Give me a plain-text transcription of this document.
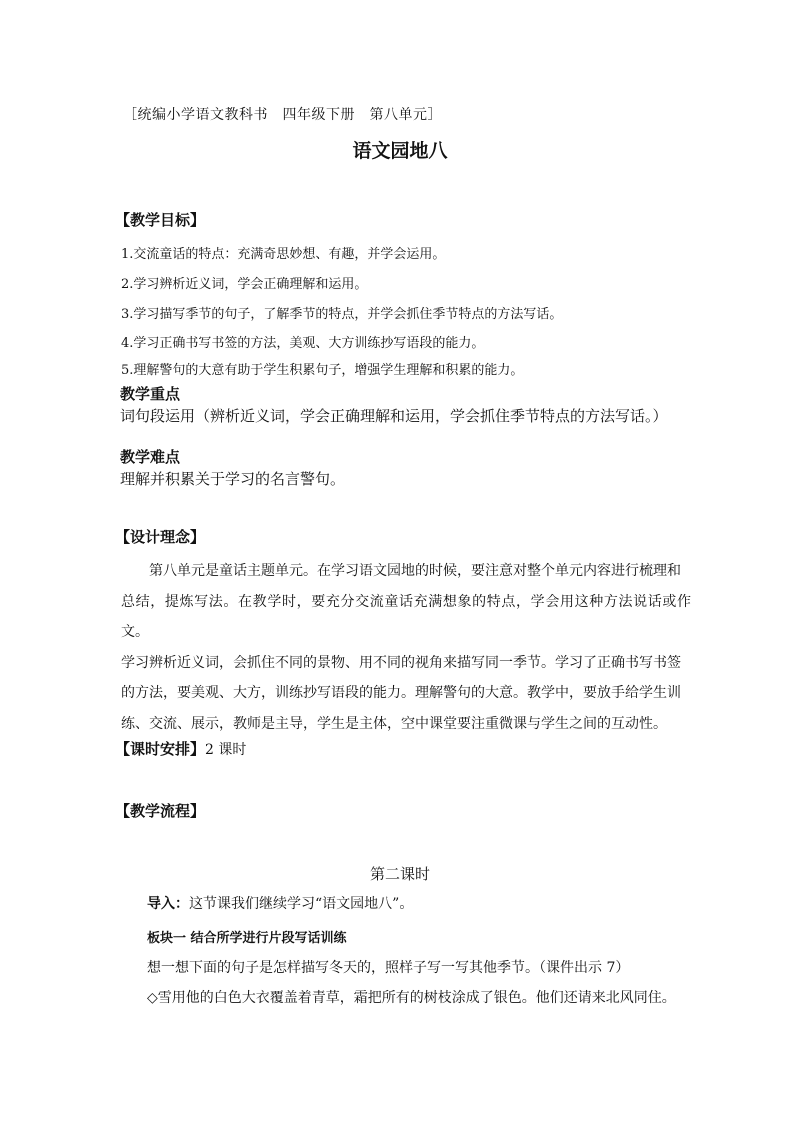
［统编小学语文教科书　四年级下册　第八单元］
语文园地八
【教学目标】
1.交流童话的特点：充满奇思妙想、有趣，并学会运用。
2.学习辨析近义词，学会正确理解和运用。
3.学习描写季节的句子，了解季节的特点，并学会抓住季节特点的方法写话。
4.学习正确书写书签的方法，美观、大方训练抄写语段的能力。
5.理解警句的大意有助于学生积累句子，增强学生理解和积累的能力。
教学重点
词句段运用（辨析近义词，学会正确理解和运用，学会抓住季节特点的方法写话。）
教学难点
理解并积累关于学习的名言警句。
【设计理念】

第八单元是童话主题单元。在学习语文园地的时候，要注意对整个单元内容进行梳理和

总结，提炼写法。在教学时，要充分交流童话充满想象的特点，学会用这种方法说话或作文。

学习辨析近义词，会抓住不同的景物、用不同的视角来描写同一季节。学习了正确书写书签

的方法，要美观、大方，训练抄写语段的能力。理解警句的大意。教学中，要放手给学生训

练、交流、展示，教师是主导，学生是主体，空中课堂要注重微课与学生之间的互动性。

【课时安排】2 课时
【教学流程】
第二课时
导入：这节课我们继续学习“语文园地八”。
板块一 结合所学进行片段写话训练
想一想下面的句子是怎样描写冬天的，照样子写一写其他季节。（课件出示 7）
◇雪用他的白色大衣覆盖着青草，霜把所有的树枝涂成了银色。他们还请来北风同住。
